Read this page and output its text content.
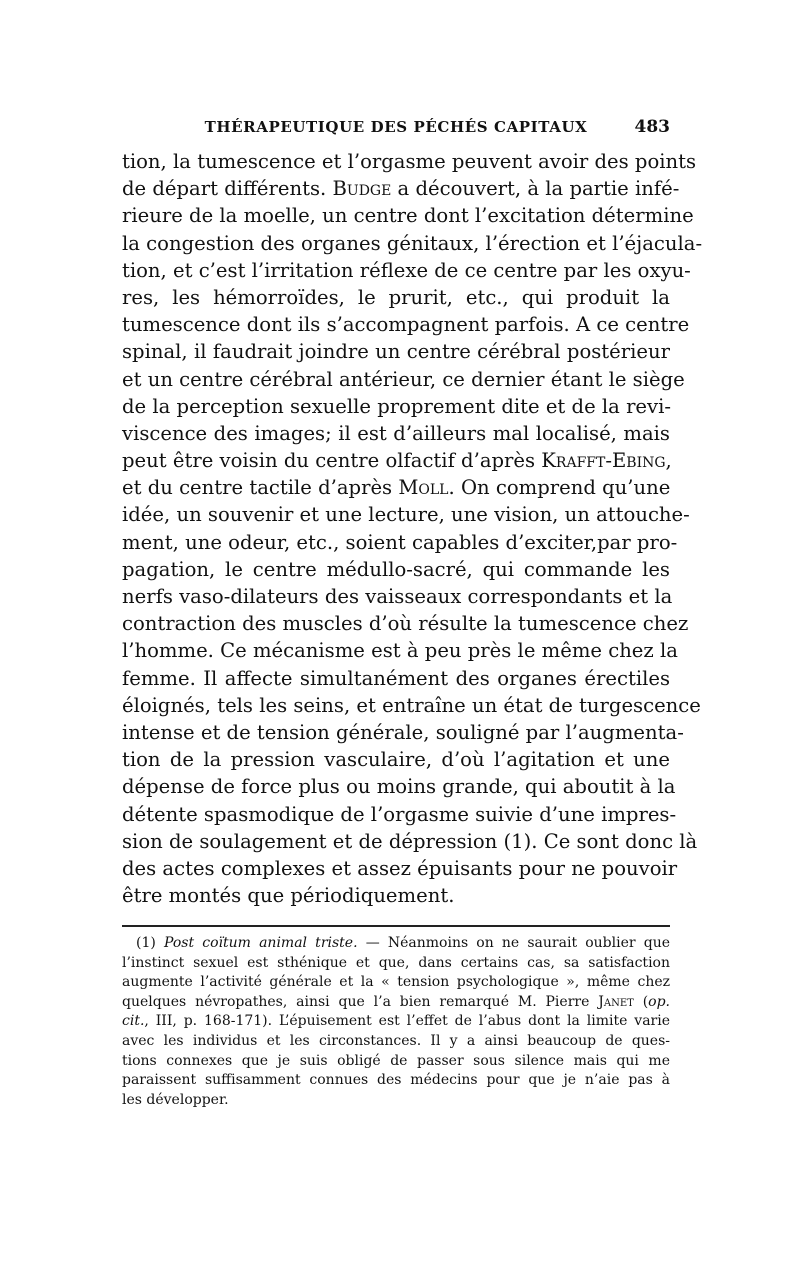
THÉRAPEUTIQUE DES PÉCHÉS CAPITAUX	483
tion, la tumescence et l’orgasme peuvent avoir des points
de départ différents. Budge a découvert, à la partie infé-
rieure de la moelle, un centre dont l’excitation détermine
la congestion des organes génitaux, l’érection et l’éjacula-
tion, et c’est l’irritation réflexe de ce centre par les oxyu-
res, les hémorroïdes, le prurit, etc., qui produit la
tumescence dont ils s’accompagnent parfois. A ce centre
spinal, il faudrait joindre un centre cérébral postérieur
et un centre cérébral antérieur, ce dernier étant le siège
de la perception sexuelle proprement dite et de la revi-
viscence des images; il est d’ailleurs mal localisé, mais
peut être voisin du centre olfactif d’après Krafft-Ebing,
et du centre tactile d’après Moll. On comprend qu’une
idée, un souvenir et une lecture, une vision, un attouche-
ment, une odeur, etc., soient capables d’exciter,par pro-
pagation, le centre médullo-sacré, qui commande les
nerfs vaso-dilateurs des vaisseaux correspondants et la
contraction des muscles d’où résulte la tumescence chez
l’homme. Ce mécanisme est à peu près le même chez la
femme. Il affecte simultanément des organes érectiles
éloignés, tels les seins, et entraîne un état de turgescence
intense et de tension générale, souligné par l’augmenta-
tion de la pression vasculaire, d’où l’agitation et une
dépense de force plus ou moins grande, qui aboutit à la
détente spasmodique de l’orgasme suivie d’une impres-
sion de soulagement et de dépression (1). Ce sont donc là
des actes complexes et assez épuisants pour ne pouvoir
être montés que périodiquement.
(1) Post coïtum animal triste. — Néanmoins on ne saurait oublier que
l’instinct sexuel est sthénique et que, dans certains cas, sa satisfaction
augmente l’activité générale et la « tension psychologique », même chez
quelques névropathes, ainsi que l’a bien remarqué M. Pierre Janet (op.
cit., III, p. 168-171). L’épuisement est l’effet de l’abus dont la limite varie
avec les individus et les circonstances. Il y a ainsi beaucoup de ques-
tions connexes que je suis obligé de passer sous silence mais qui me
paraissent suffisamment connues des médecins pour que je n’aie pas à
les développer.
